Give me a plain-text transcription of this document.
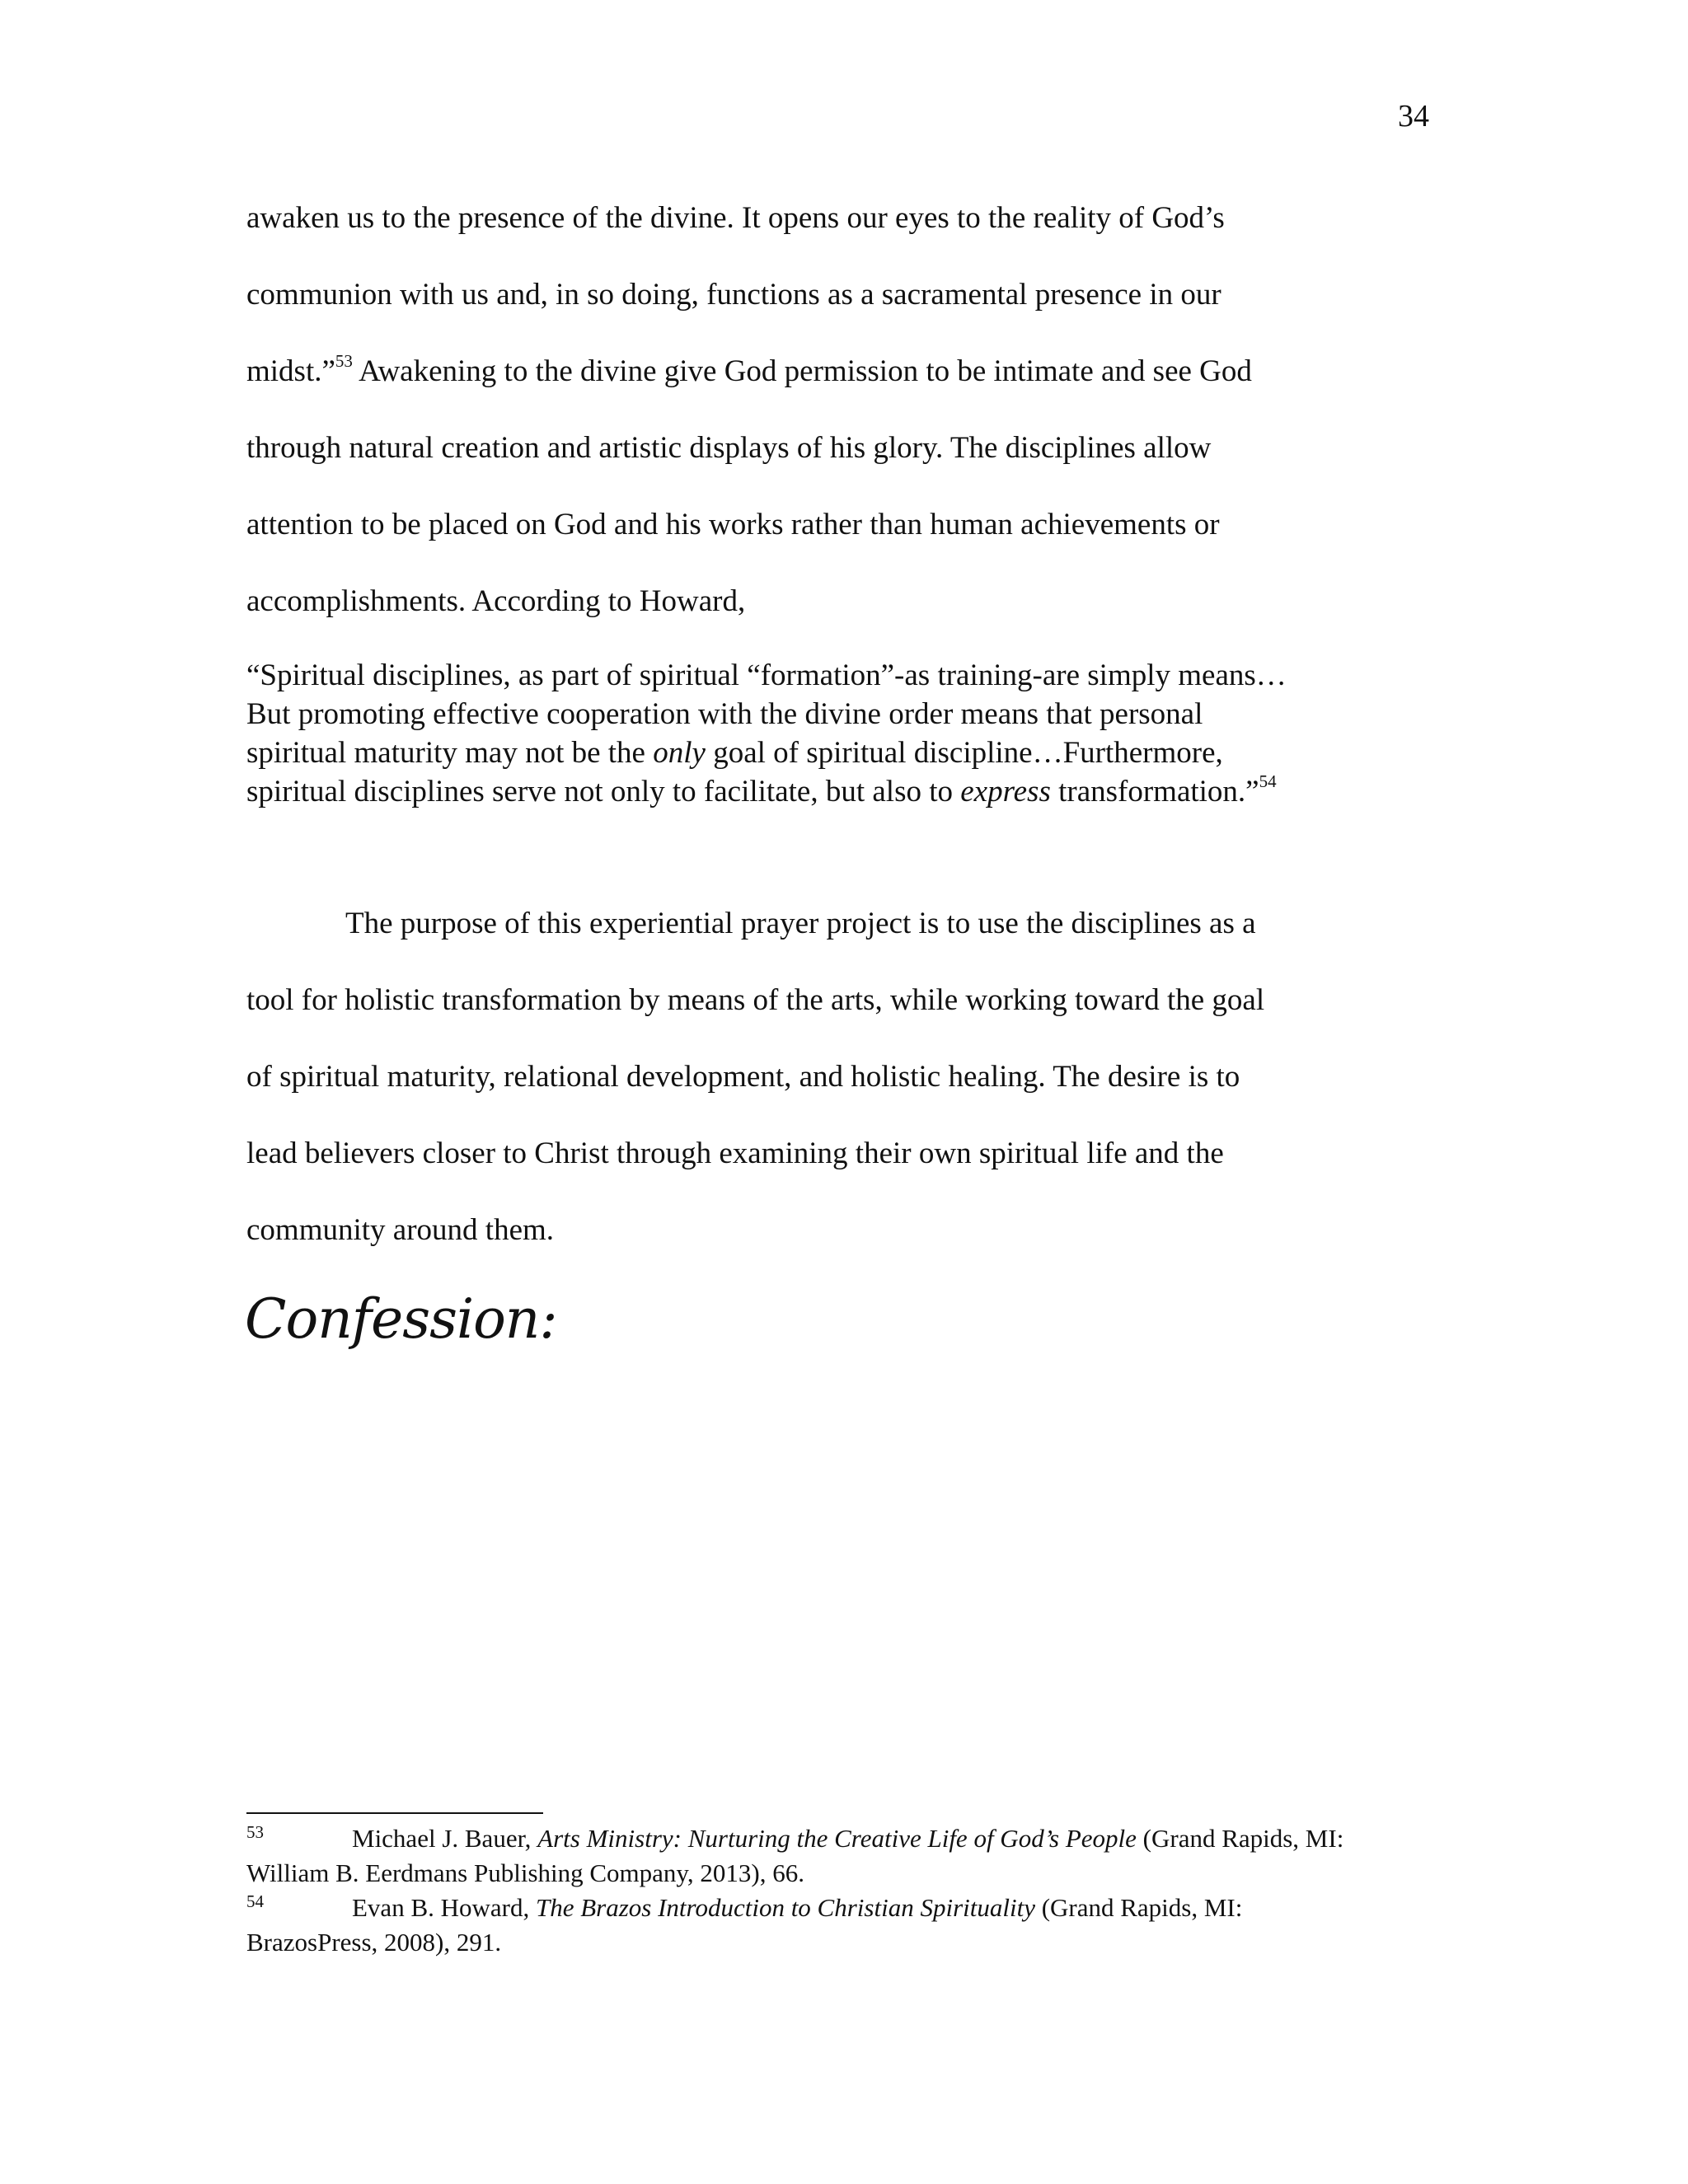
34

awaken us to the presence of the divine. It opens our eyes to the reality of God’s
communion with us and, in so doing, functions as a sacramental presence in our
midst.”$^{53}$ Awakening to the divine give God permission to be intimate and see God
through natural creation and artistic displays of his glory. The disciplines allow
attention to be placed on God and his works rather than human achievements or
accomplishments. According to Howard,

“Spiritual disciplines, as part of spiritual “formation”-as training-are simply means…
But promoting effective cooperation with the divine order means that personal
spiritual maturity may not be the only goal of spiritual discipline…Furthermore,
spiritual disciplines serve not only to facilitate, but also to express transformation.”$^{54}$

The purpose of this experiential prayer project is to use the disciplines as a
tool for holistic transformation by means of the arts, while working toward the goal
of spiritual maturity, relational development, and holistic healing. The desire is to
lead believers closer to Christ through examining their own spiritual life and the
community around them.

Confession:
53	Michael J. Bauer, Arts Ministry: Nurturing the Creative Life of God’s People (Grand Rapids, MI:
William B. Eerdmans Publishing Company, 2013), 66.
54	Evan B. Howard, The Brazos Introduction to Christian Spirituality (Grand Rapids, MI:
BrazosPress, 2008), 291.
